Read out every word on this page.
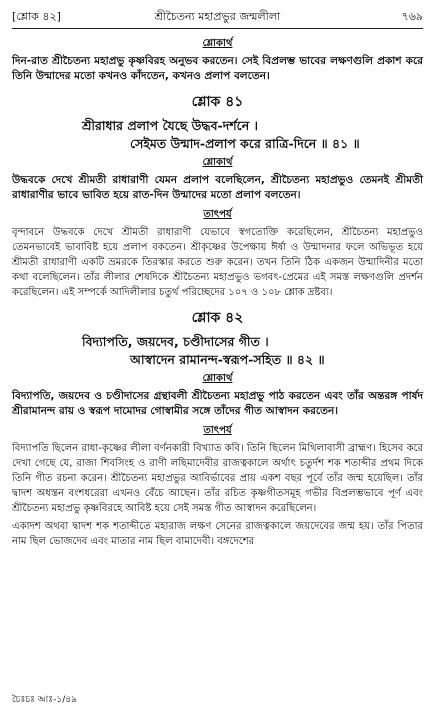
[শ্লোক ৪২]	শ্রীচৈতন্য মহাপ্রভুর জন্মলীলা	৭৬৯
শ্লোকার্থ

দিন-রাত শ্রীচৈতন্য মহাপ্রভু কৃষ্ণবিরহ অনুভব করতেন। সেই বিপ্রলম্ভ ভাবের লক্ষণগুলি প্রকাশ করে তিনি উন্মাদের মতো কখনও কাঁদতেন, কখনও প্রলাপ বলতেন।

শ্লোক ৪১
শ্রীরাধার প্রলাপ যৈছে উদ্ধব-দর্শনে ।
সেইমত উন্মাদ-প্রলাপ করে রাত্রি-দিনে ॥ ৪১ ॥
শ্লোকার্থ

উদ্ধবকে দেখে শ্রীমতী রাধারাণী যেমন প্রলাপ বলেছিলেন, শ্রীচৈতন্য মহাপ্রভুও তেমনই শ্রীমতী রাধারাণীর ভাবে ভাবিত হয়ে রাত-দিন উন্মাদের মতো প্রলাপ বলতেন।

তাৎপর্য

বৃন্দাবনে উদ্ধবকে দেখে শ্রীমতী রাধারাণী যেভাবে স্বগতোক্তি করেছিলেন, শ্রীচৈতন্য মহাপ্রভুও তেমনভাবেই ভাবাবিষ্ট হয়ে প্রলাপ বকতেন। শ্রীকৃষ্ণের উপেক্ষায় ঈর্ষা ও উন্মাদনার ফলে অভিভূত হয়ে শ্রীমতী রাধারাণী একটি ভ্রমরকে তিরস্কার করতে শুরু করেন। তখন তিনি ঠিক একজন উন্মাদিনীর মতো কথা বলেছিলেন। তাঁর লীলার শেষদিকে শ্রীচৈতন্য মহাপ্রভুও ভগবৎ-প্রেমের এই সমস্ত লক্ষণগুলি প্রদর্শন করেছিলেন। এই সম্পর্কে আদিলীলার চতুর্থ পরিচ্ছেদের ১০৭ ও ১০৮ শ্লোক দ্রষ্টব্য।

শ্লোক ৪২
বিদ্যাপতি, জয়দেব, চণ্ডীদাসের গীত ।
আস্বাদেন রামানন্দ-স্বরূপ-সহিত ॥ ৪২ ॥
শ্লোকার্থ

বিদ্যাপতি, জয়দেব ও চণ্ডীদাসের গ্রন্থাবলী শ্রীচৈতন্য মহাপ্রভু পাঠ করতেন এবং তাঁর অন্তরঙ্গ পার্ষদ শ্রীরামানন্দ রায় ও স্বরূপ দামোদর গোস্বামীর সঙ্গে তাঁদের গীত আস্বাদন করতেন।

তাৎপর্য

বিদ্যাপতি ছিলেন রাধা-কৃষ্ণের লীলা বর্ণনকারী বিখ্যাত কবি। তিনি ছিলেন মিথিলাবাসী ব্রাহ্মণ। হিসেব করে দেখা গেছে যে, রাজা শিবসিংহ ও রাণী লছিমাদেবীর রাজত্বকালে অর্থাৎ চতুর্দশ শক শতাব্দীর প্রথম দিকে তিনি গীত রচনা করেন। শ্রীচৈতন্য মহাপ্রভুর আবির্ভাবের প্রায় একশ বছর পূর্বে তাঁর জন্ম হয়েছিল। তাঁর দ্বাদশ অধস্তন বংশধরেরা এখনও বেঁচে আছেন। তাঁর রচিত কৃষ্ণগীতসমূহ গভীর বিপ্রলম্ভভাবে পূর্ণ এবং শ্রীচৈতন্য মহাপ্রভু কৃষ্ণবিরহে আবিষ্ট হয়ে সেই সমস্ত গীত আস্বাদন করেছিলেন।

একাদশ অথবা দ্বাদশ শক শতাব্দীতে মহারাজ লক্ষণ সেনের রাজত্বকালে জয়দেবের জন্ম হয়। তাঁর পিতার নাম ছিল ভোজদেব এবং মাতার নাম ছিল বামাদেবী। বঙ্গদেশের

চৈঃচঃ আঃ-১/৪৯
